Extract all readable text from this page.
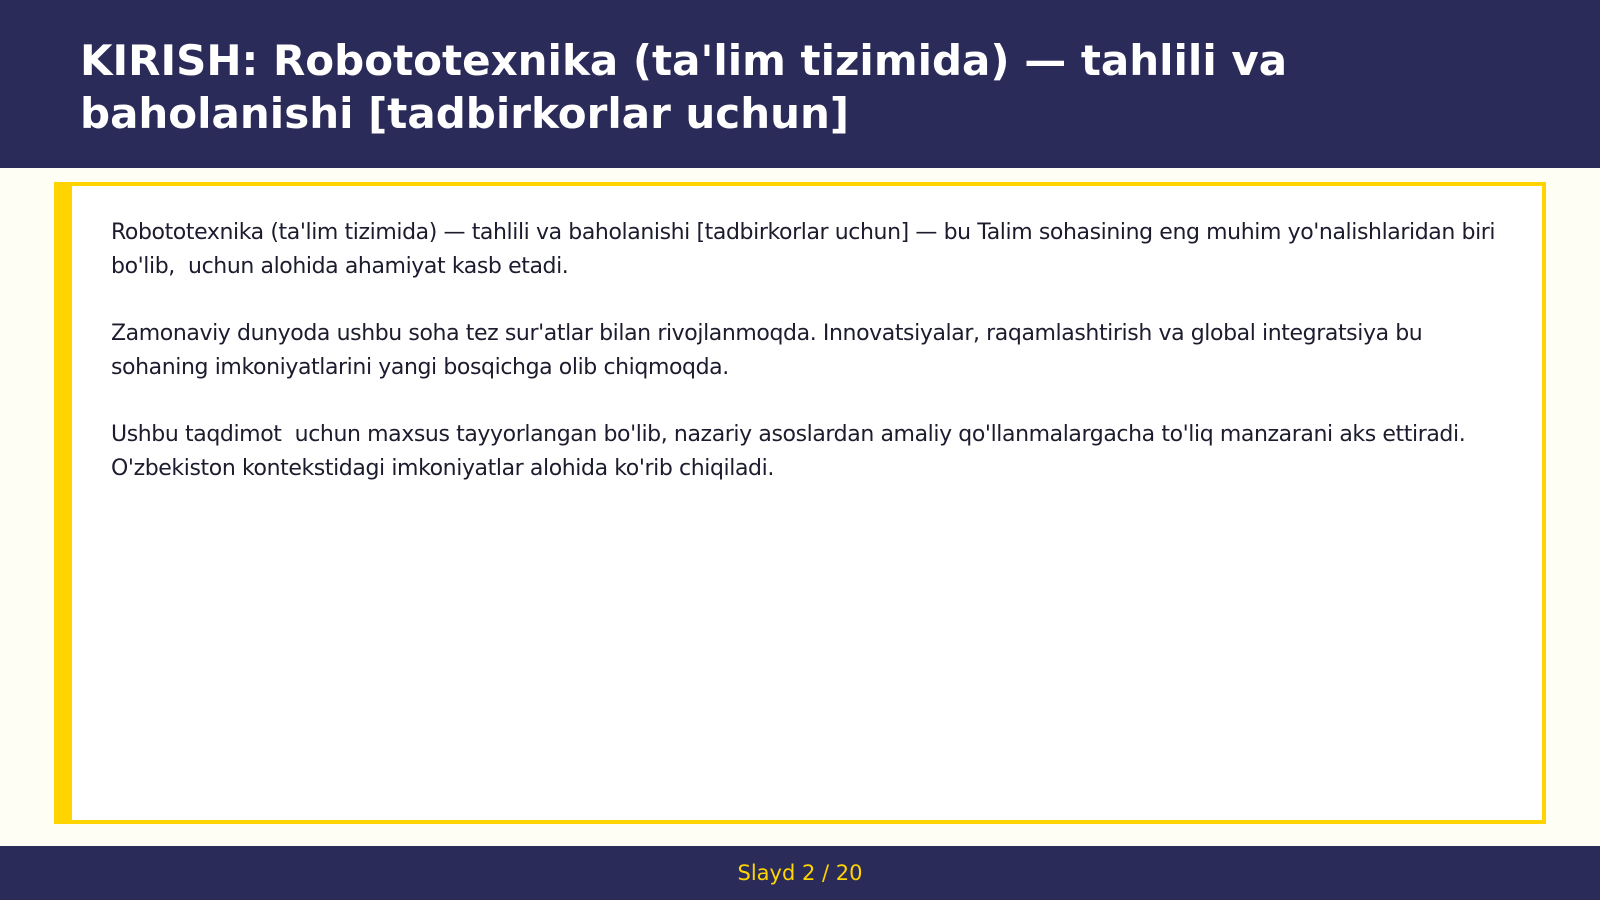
KIRISH: Robototexnika (ta'lim tizimida) — tahlili va baholanishi [tadbirkorlar uchun]

Robototexnika (ta'lim tizimida) — tahlili va baholanishi [tadbirkorlar uchun] — bu Talim sohasining eng muhim yo'nalishlaridan biri bo'lib,  uchun alohida ahamiyat kasb etadi.

Zamonaviy dunyoda ushbu soha tez sur'atlar bilan rivojlanmoqda. Innovatsiyalar, raqamlashtirish va global integratsiya bu sohaning imkoniyatlarini yangi bosqichga olib chiqmoqda.

Ushbu taqdimot  uchun maxsus tayyorlangan bo'lib, nazariy asoslardan amaliy qo'llanmalargacha to'liq manzarani aks ettiradi. O'zbekiston kontekstidagi imkoniyatlar alohida ko'rib chiqiladi.

Slayd 2 / 20
